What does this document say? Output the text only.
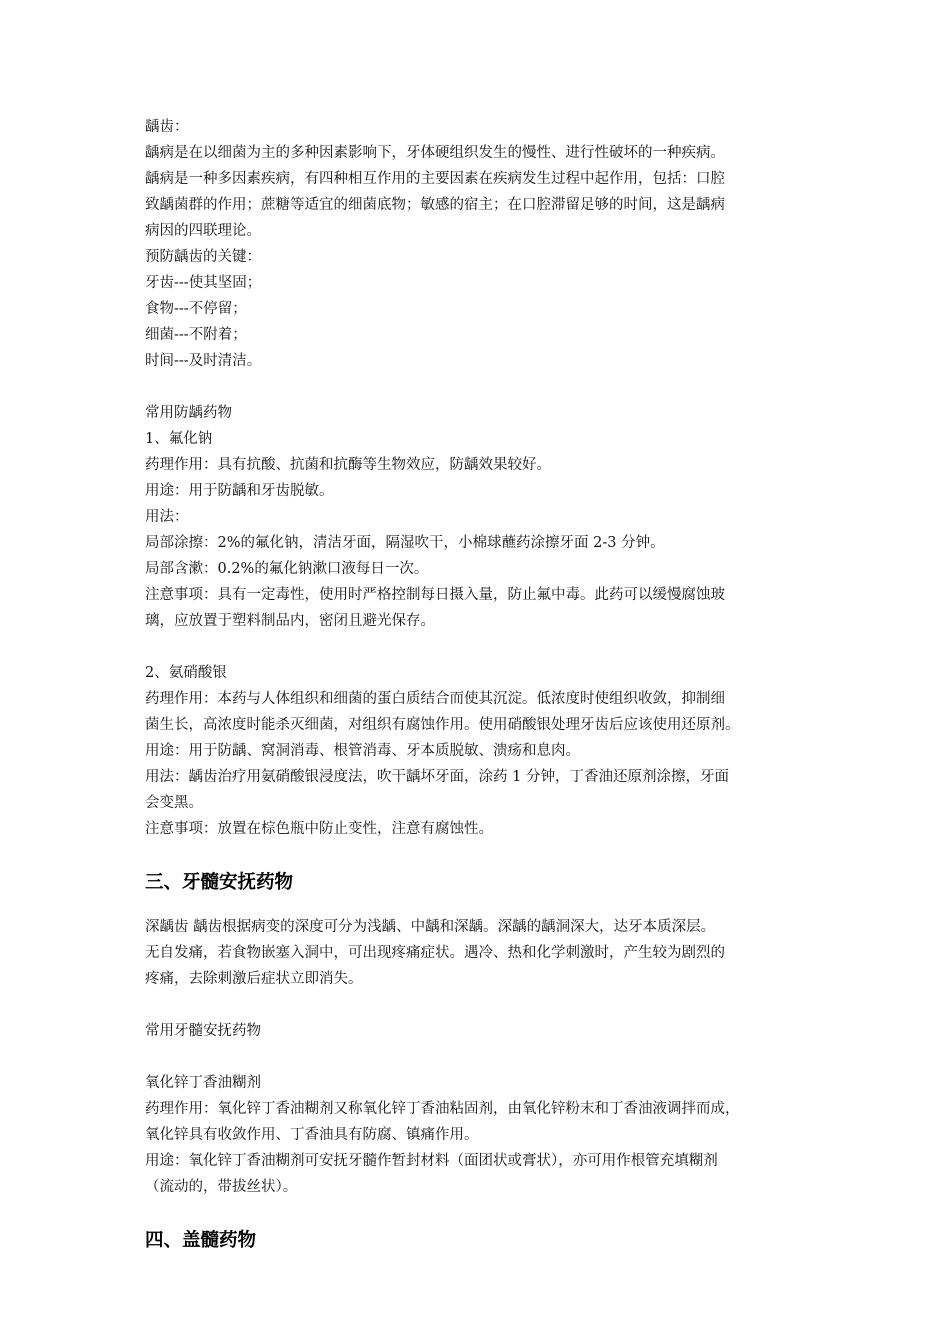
龋齿：
龋病是在以细菌为主的多种因素影响下，牙体硬组织发生的慢性、进行性破坏的一种疾病。
龋病是一种多因素疾病，有四种相互作用的主要因素在疾病发生过程中起作用，包括：口腔
致龋菌群的作用；蔗糖等适宜的细菌底物；敏感的宿主；在口腔滞留足够的时间，这是龋病
病因的四联理论。
预防龋齿的关键：
牙齿---使其坚固；
食物---不停留；
细菌---不附着；
时间---及时清洁。
常用防龋药物
1、氟化钠
药理作用：具有抗酸、抗菌和抗酶等生物效应，防龋效果较好。
用途：用于防龋和牙齿脱敏。
用法：
局部涂擦：2%的氟化钠，清洁牙面，隔湿吹干，小棉球蘸药涂擦牙面 2-3 分钟。
局部含漱：0.2%的氟化钠漱口液每日一次。
注意事项：具有一定毒性，使用时严格控制每日摄入量，防止氟中毒。此药可以缓慢腐蚀玻
璃，应放置于塑料制品内，密闭且避光保存。
2、氨硝酸银
药理作用：本药与人体组织和细菌的蛋白质结合而使其沉淀。低浓度时使组织收敛，抑制细
菌生长，高浓度时能杀灭细菌，对组织有腐蚀作用。使用硝酸银处理牙齿后应该使用还原剂。
用途：用于防龋、窝洞消毒、根管消毒、牙本质脱敏、溃疡和息肉。
用法：龋齿治疗用氨硝酸银浸度法，吹干龋坏牙面，涂药 1 分钟，丁香油还原剂涂擦，牙面
会变黑。
注意事项：放置在棕色瓶中防止变性，注意有腐蚀性。
三、牙髓安抚药物
深龋齿 龋齿根据病变的深度可分为浅龋、中龋和深龋。深龋的龋洞深大，达牙本质深层。
无自发痛，若食物嵌塞入洞中，可出现疼痛症状。遇冷、热和化学刺激时，产生较为剧烈的
疼痛，去除刺激后症状立即消失。
常用牙髓安抚药物
氧化锌丁香油糊剂
药理作用：氧化锌丁香油糊剂又称氧化锌丁香油粘固剂，由氧化锌粉末和丁香油液调拌而成，
氧化锌具有收敛作用、丁香油具有防腐、镇痛作用。
用途：氧化锌丁香油糊剂可安抚牙髓作暂封材料（面团状或膏状），亦可用作根管充填糊剂
（流动的，带拔丝状）。
四、盖髓药物
